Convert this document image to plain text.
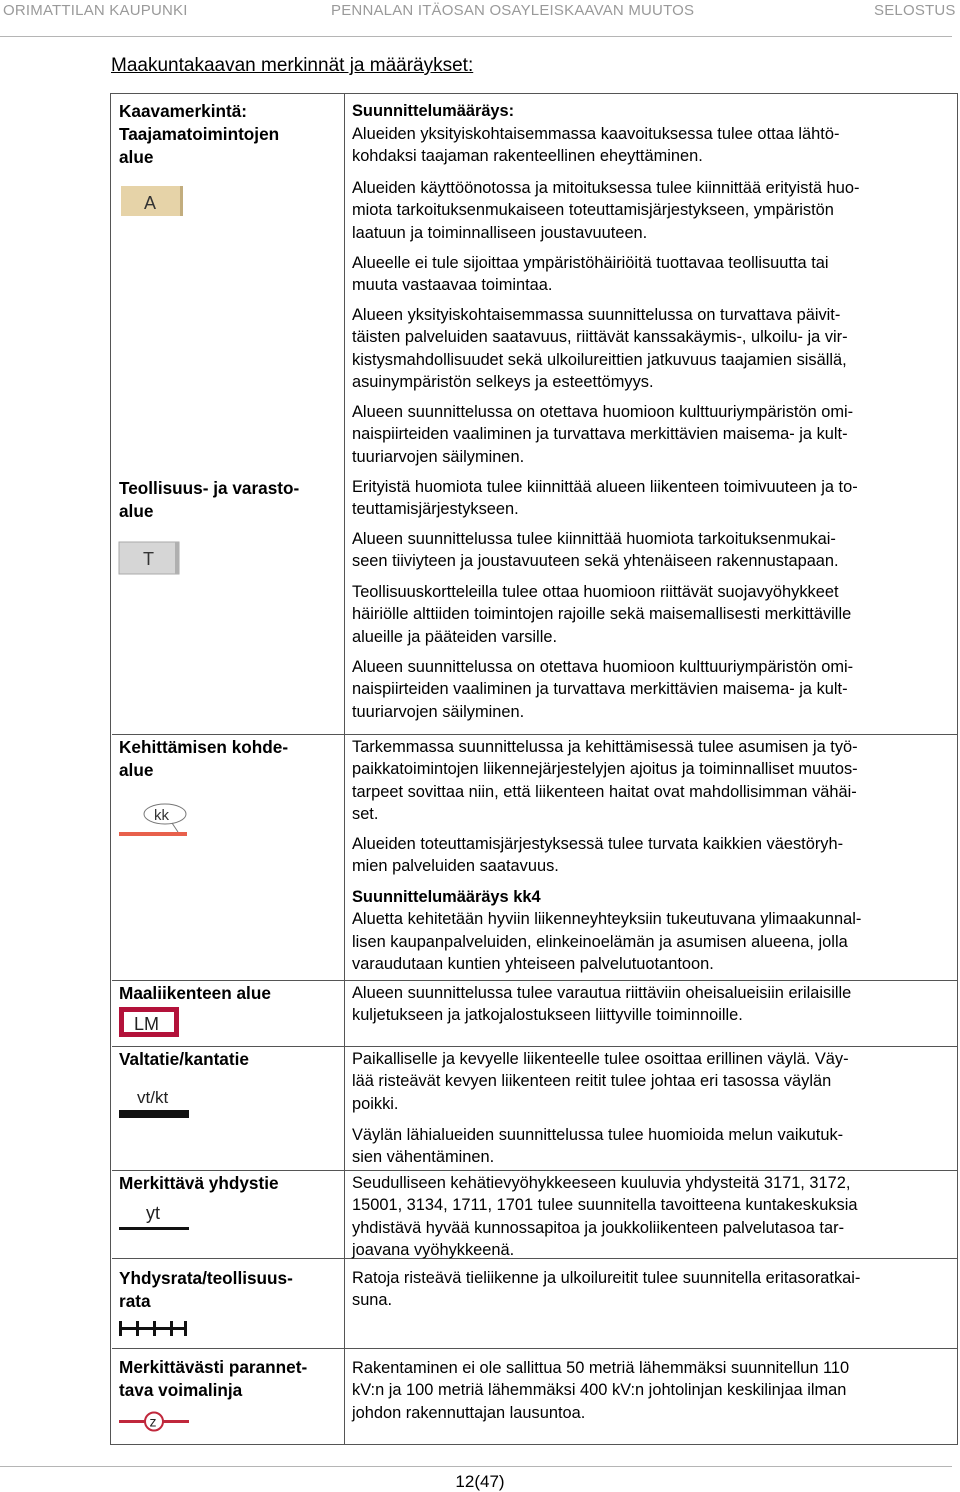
ORIMATTILAN KAUPUNKI	PENNALAN ITÄOSAN OSAYLEISKAAVAN MUUTOS	SELOSTUS
Maakuntakaavan merkinnät ja määräykset:
Kaavamerkintä:
Taajamatoimintojen
alue
Teollisuus- ja varasto-
alue
Kehittämisen kohde-
alue
Maaliikenteen alue
Valtatie/kantatie
Merkittävä yhdystie
Yhdysrata/teollisuus-
rata
Merkittävästi parannet-
tava voimalinja
A
T
kk
LM
vt/kt
yt
z
Suunnittelumääräys:
Alueiden yksityiskohtaisemmassa kaavoituksessa tulee ottaa lähtö-
kohdaksi taajaman rakenteellinen eheyttäminen.
Alueiden käyttöönotossa ja mitoituksessa tulee kiinnittää erityistä huo-
miota tarkoituksenmukaiseen toteuttamisjärjestykseen, ympäristön
laatuun ja toiminnalliseen joustavuuteen.
Alueelle ei tule sijoittaa ympäristöhäiriöitä tuottavaa teollisuutta tai
muuta vastaavaa toimintaa.
Alueen yksityiskohtaisemmassa suunnittelussa on turvattava päivit-
täisten palveluiden saatavuus, riittävät kanssakäymis-, ulkoilu- ja vir-
kistysmahdollisuudet sekä ulkoilureittien jatkuvuus taajamien sisällä,
asuinympäristön selkeys ja esteettömyys.
Alueen suunnittelussa on otettava huomioon kulttuuriympäristön omi-
naispiirteiden vaaliminen ja turvattava merkittävien maisema- ja kult-
tuuriarvojen säilyminen.
Erityistä huomiota tulee kiinnittää alueen liikenteen toimivuuteen ja to-
teuttamisjärjestykseen.
Alueen suunnittelussa tulee kiinnittää huomiota tarkoituksenmukai-
seen tiiviyteen ja joustavuuteen sekä yhtenäiseen rakennustapaan.
Teollisuuskortteleilla tulee ottaa huomioon riittävät suojavyöhykkeet
häiriölle alttiiden toimintojen rajoille sekä maisemallisesti merkittäville
alueille ja pääteiden varsille.
Alueen suunnittelussa on otettava huomioon kulttuuriympäristön omi-
naispiirteiden vaaliminen ja turvattava merkittävien maisema- ja kult-
tuuriarvojen säilyminen.
Tarkemmassa suunnittelussa ja kehittämisessä tulee asumisen ja työ-
paikkatoimintojen liikennejärjestelyjen ajoitus ja toiminnalliset muutos-
tarpeet sovittaa niin, että liikenteen haitat ovat mahdollisimman vähäi-
set.
Alueiden toteuttamisjärjestyksessä tulee turvata kaikkien väestöryh-
mien palveluiden saatavuus.
Suunnittelumääräys kk4
Aluetta kehitetään hyviin liikenneyhteyksiin tukeutuvana ylimaakunnal-
lisen kaupanpalveluiden, elinkeinoelämän ja asumisen alueena, jolla
varaudutaan kuntien yhteiseen palvelutuotantoon.
Alueen suunnittelussa tulee varautua riittäviin oheisalueisiin erilaisille
kuljetukseen ja jatkojalostukseen liittyville toiminnoille.
Paikalliselle ja kevyelle liikenteelle tulee osoittaa erillinen väylä. Väy-
lää risteävät kevyen liikenteen reitit tulee johtaa eri tasossa väylän
poikki.
Väylän lähialueiden suunnittelussa tulee huomioida melun vaikutuk-
sien vähentäminen.
Seudulliseen kehätievyöhykkeeseen kuuluvia yhdysteitä 3171, 3172,
15001, 3134, 1711, 1701 tulee suunnitella tavoitteena kuntakeskuksia
yhdistävä hyvää kunnossapitoa ja joukkoliikenteen palvelutasoa tar-
joavana vyöhykkeenä.
Ratoja risteävä tieliikenne ja ulkoilureitit tulee suunnitella eritasoratkai-
suna.
Rakentaminen ei ole sallittua 50 metriä lähemmäksi suunnitellun 110
kV:n ja 100 metriä lähemmäksi 400 kV:n johtolinjan keskilinjaa ilman
johdon rakennuttajan lausuntoa.
12(47)
